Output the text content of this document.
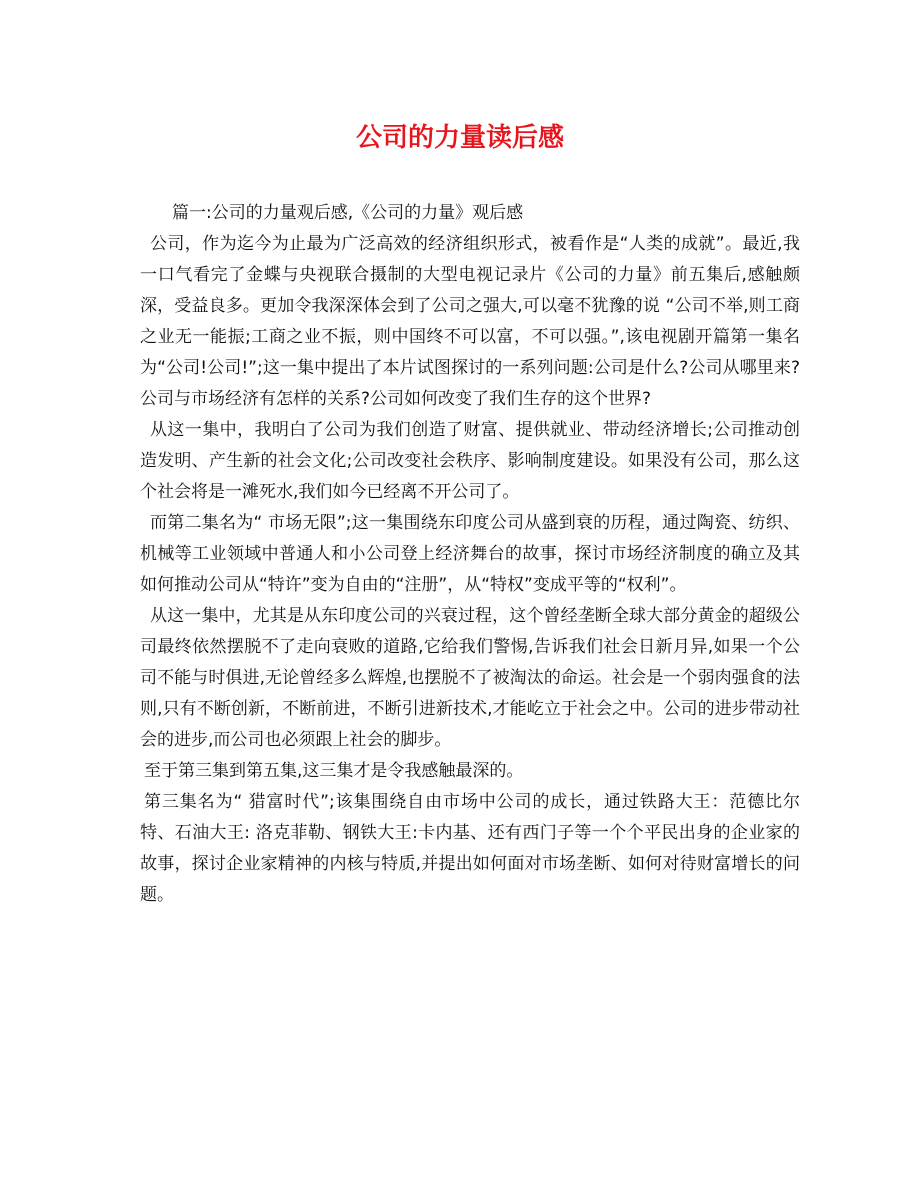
公司的力量读后感

篇一:公司的力量观后感,《公司的力量》观后感

公司，作为迄今为止最为广泛高效的经济组织形式，被看作是“人类的成就”。最近,我一口气看完了金蝶与央视联合摄制的大型电视记录片《公司的力量》前五集后,感触颇深，受益良多。更加令我深深体会到了公司之强大,可以毫不犹豫的说 “公司不举,则工商之业无一能振;工商之业不振，则中国终不可以富，不可以强。”,该电视剧开篇第一集名为“公司!公司!”;这一集中提出了本片试图探讨的一系列问题:公司是什么?公司从哪里来? 公司与市场经济有怎样的关系?公司如何改变了我们生存的这个世界?

从这一集中，我明白了公司为我们创造了财富、提供就业、带动经济增长;公司推动创造发明、产生新的社会文化;公司改变社会秩序、影响制度建设。如果没有公司，那么这个社会将是一滩死水,我们如今已经离不开公司了。

而第二集名为“ 市场无限”;这一集围绕东印度公司从盛到衰的历程，通过陶瓷、纺织、机械等工业领域中普通人和小公司登上经济舞台的故事，探讨市场经济制度的确立及其如何推动公司从“特许”变为自由的“注册”，从“特权”变成平等的“权利”。

从这一集中，尤其是从东印度公司的兴衰过程，这个曾经垄断全球大部分黄金的超级公司最终依然摆脱不了走向衰败的道路,它给我们警惕,告诉我们社会日新月异,如果一个公司不能与时俱进,无论曾经多么辉煌,也摆脱不了被淘汰的命运。社会是一个弱肉强食的法则,只有不断创新，不断前进，不断引进新技术,才能屹立于社会之中。公司的进步带动社会的进步,而公司也必须跟上社会的脚步。

至于第三集到第五集,这三集才是令我感触最深的。

第三集名为“ 猎富时代”;该集围绕自由市场中公司的成长，通过铁路大王：范德比尔特、石油大王: 洛克菲勒、钢铁大王:卡内基、还有西门子等一个个平民出身的企业家的故事，探讨企业家精神的内核与特质,并提出如何面对市场垄断、如何对待财富增长的问题。
